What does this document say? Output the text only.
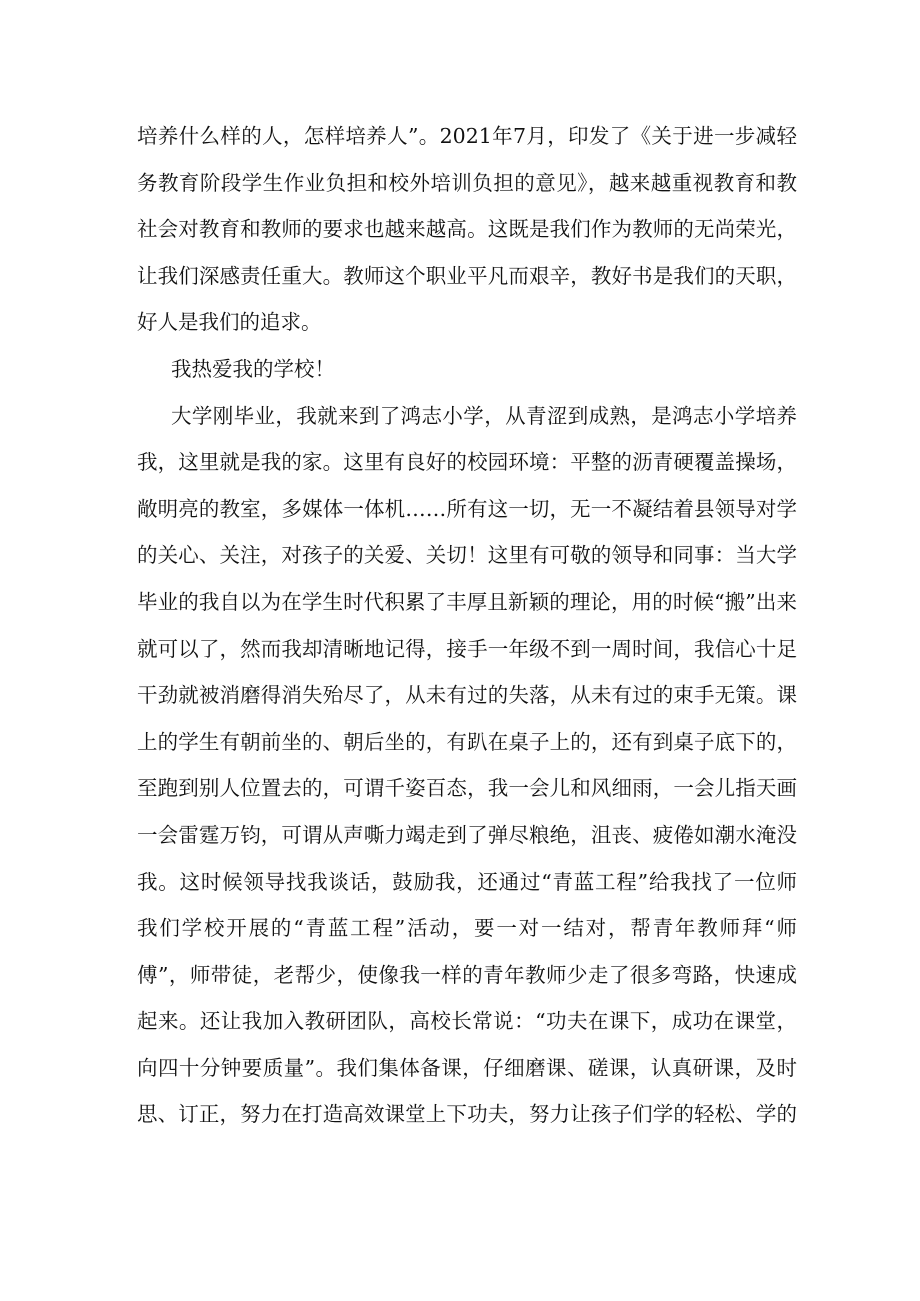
培养什么样的人，怎样培养人”。2021年7月，印发了《关于进一步减轻
务教育阶段学生作业负担和校外培训负担的意见》，越来越重视教育和教
社会对教育和教师的要求也越来越高。这既是我们作为教师的无尚荣光，
让我们深感责任重大。教师这个职业平凡而艰辛，教好书是我们的天职，
好人是我们的追求。
我热爱我的学校！
大学刚毕业，我就来到了鸿志小学，从青涩到成熟，是鸿志小学培养
我，这里就是我的家。这里有良好的校园环境：平整的沥青硬覆盖操场，
敞明亮的教室，多媒体一体机……所有这一切，无一不凝结着县领导对学
的关心、关注，对孩子的关爱、关切！这里有可敬的领导和同事：当大学
毕业的我自以为在学生时代积累了丰厚且新颖的理论，用的时候“搬”出来
就可以了，然而我却清晰地记得，接手一年级不到一周时间，我信心十足
干劲就被消磨得消失殆尽了，从未有过的失落，从未有过的束手无策。课
上的学生有朝前坐的、朝后坐的，有趴在桌子上的，还有到桌子底下的，
至跑到别人位置去的，可谓千姿百态，我一会儿和风细雨，一会儿指天画
一会雷霆万钧，可谓从声嘶力竭走到了弹尽粮绝，沮丧、疲倦如潮水淹没
我。这时候领导找我谈话，鼓励我，还通过“青蓝工程”给我找了一位师
我们学校开展的“青蓝工程”活动，要一对一结对，帮青年教师拜“师
傅”，师带徒，老帮少，使像我一样的青年教师少走了很多弯路，快速成
起来。还让我加入教研团队，高校长常说：“功夫在课下，成功在课堂，
向四十分钟要质量”。我们集体备课，仔细磨课、磋课，认真研课，及时
思、订正，努力在打造高效课堂上下功夫，努力让孩子们学的轻松、学的
